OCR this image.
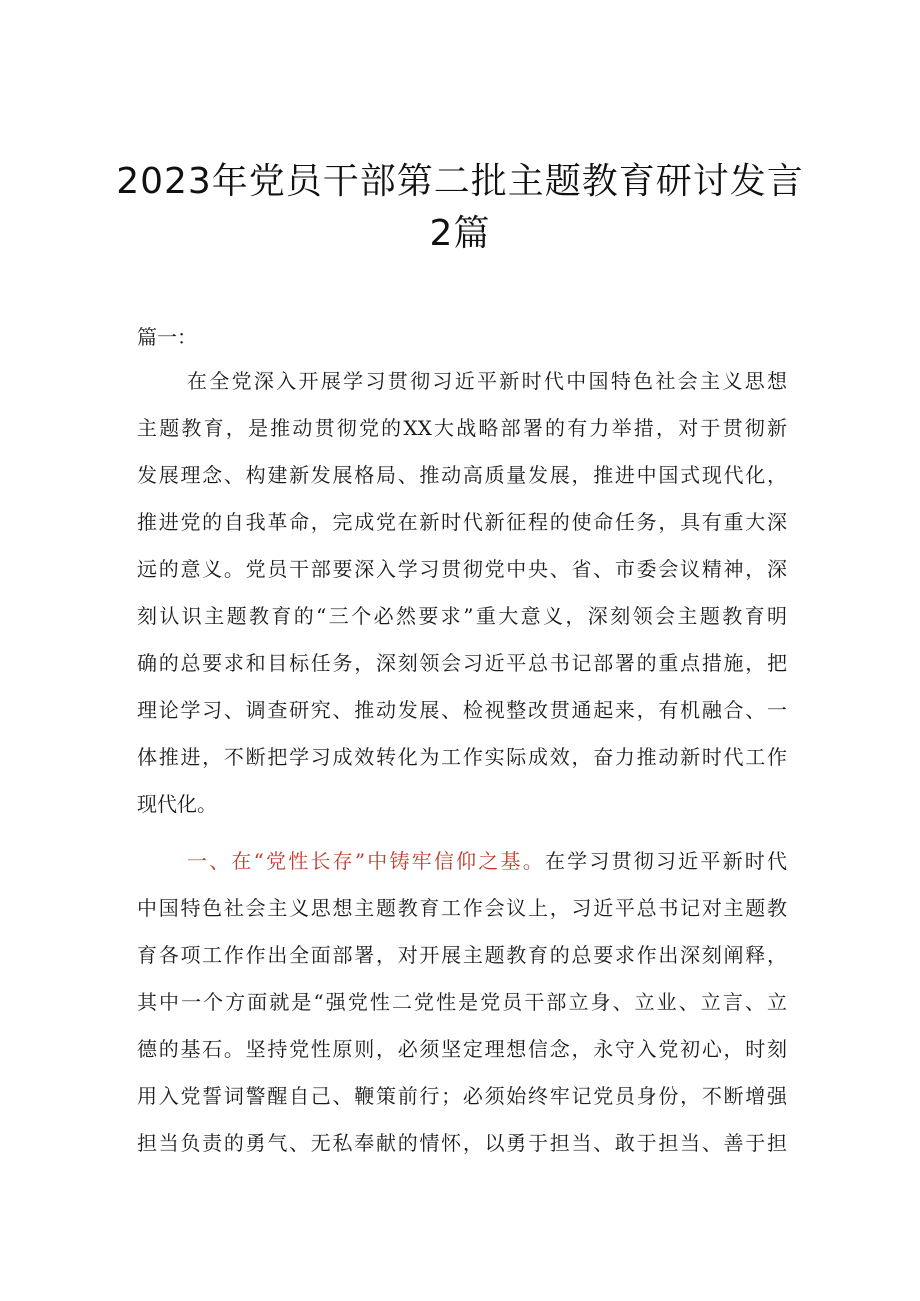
2023年党员干部第二批主题教育研讨发言
2篇
篇一：
在全党深入开展学习贯彻习近平新时代中国特色社会主义思想
主题教育，是推动贯彻党的XX大战略部署的有力举措，对于贯彻新
发展理念、构建新发展格局、推动高质量发展，推进中国式现代化，
推进党的自我革命，完成党在新时代新征程的使命任务，具有重大深
远的意义。党员干部要深入学习贯彻党中央、省、市委会议精神，深
刻认识主题教育的“三个必然要求”重大意义，深刻领会主题教育明
确的总要求和目标任务，深刻领会习近平总书记部署的重点措施，把
理论学习、调查研究、推动发展、检视整改贯通起来，有机融合、一
体推进，不断把学习成效转化为工作实际成效，奋力推动新时代工作
现代化。
一、在“党性长存”中铸牢信仰之基。在学习贯彻习近平新时代
中国特色社会主义思想主题教育工作会议上，习近平总书记对主题教
育各项工作作出全面部署，对开展主题教育的总要求作出深刻阐释，
其中一个方面就是“强党性二党性是党员干部立身、立业、立言、立
德的基石。坚持党性原则，必须坚定理想信念，永守入党初心，时刻
用入党誓词警醒自己、鞭策前行；必须始终牢记党员身份，不断增强
担当负责的勇气、无私奉献的情怀，以勇于担当、敢于担当、善于担
